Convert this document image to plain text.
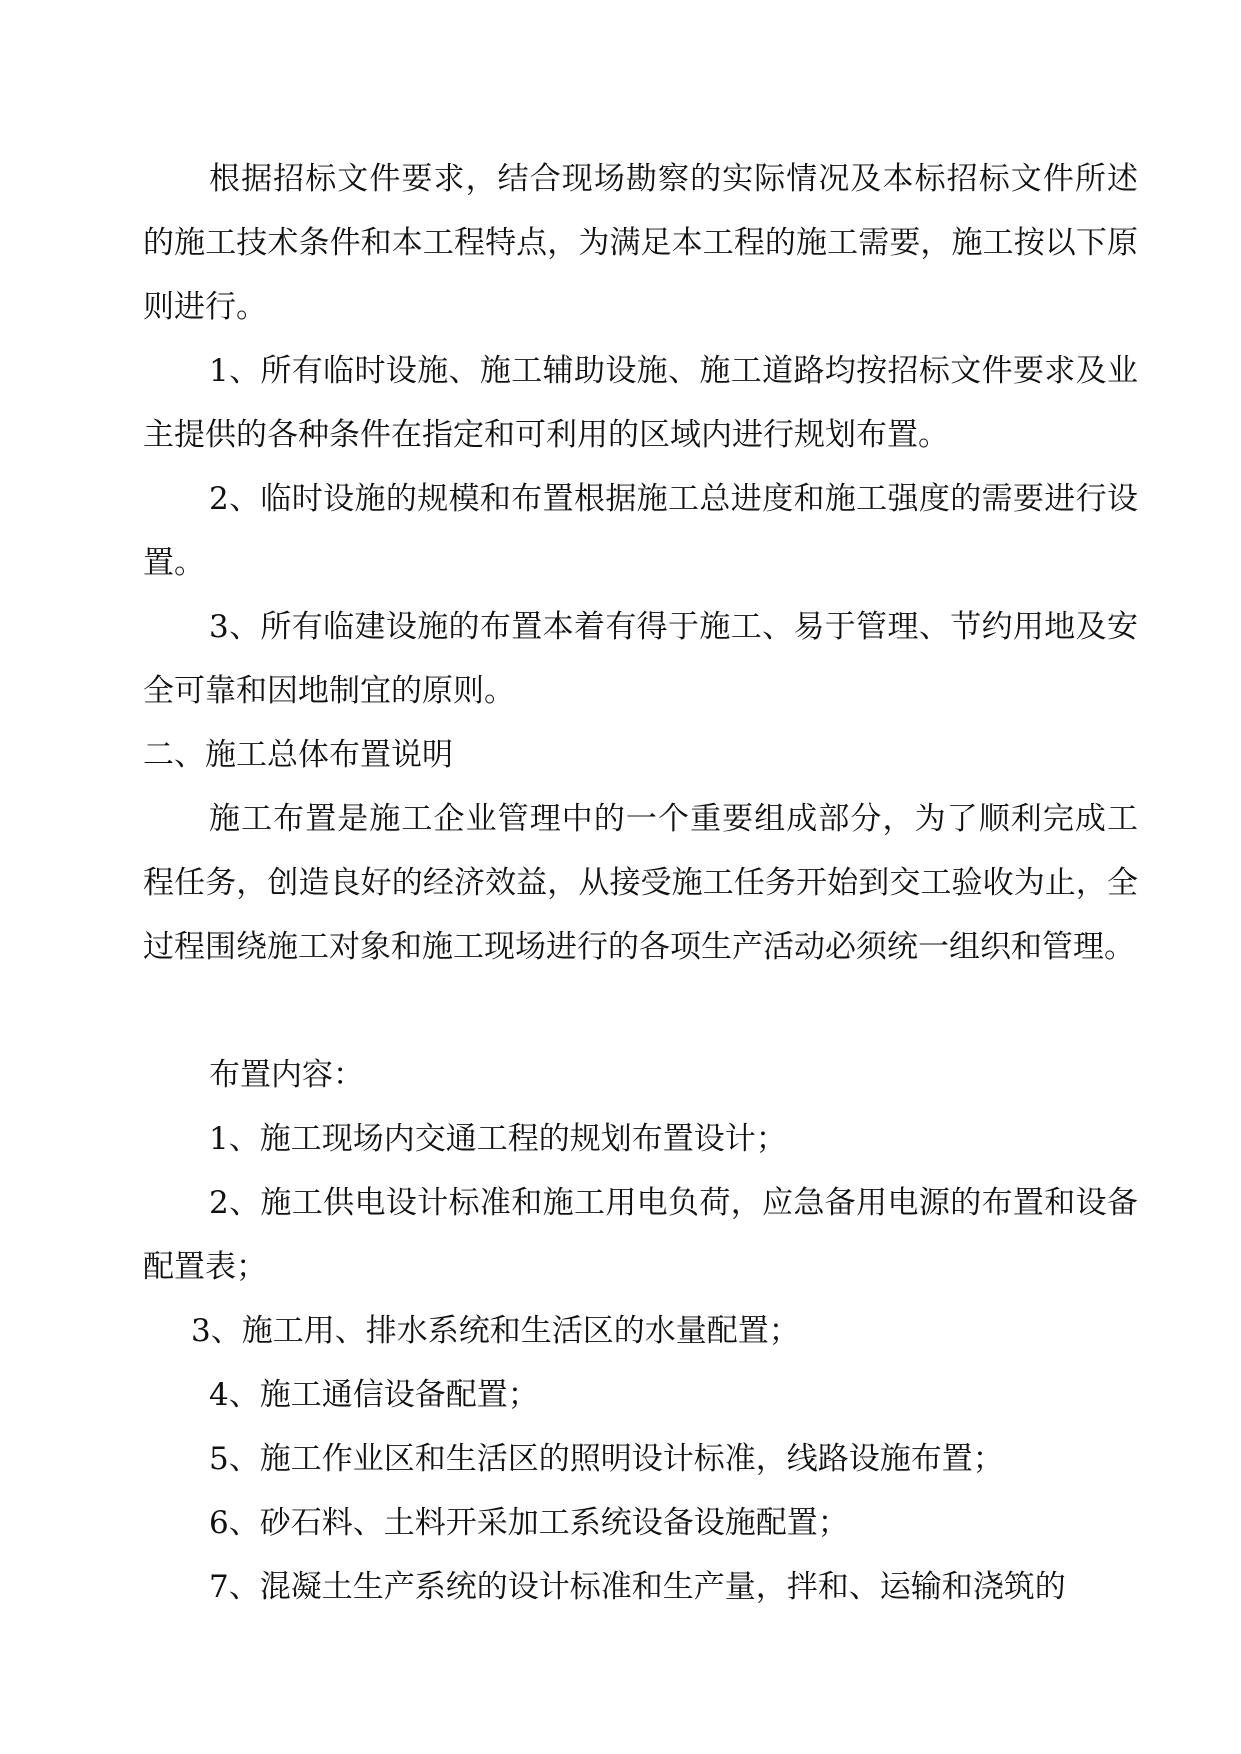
根据招标文件要求，结合现场勘察的实际情况及本标招标文件所述的施工技术条件和本工程特点，为满足本工程的施工需要，施工按以下原则进行。

1、所有临时设施、施工辅助设施、施工道路均按招标文件要求及业主提供的各种条件在指定和可利用的区域内进行规划布置。

2、临时设施的规模和布置根据施工总进度和施工强度的需要进行设置。

3、所有临建设施的布置本着有得于施工、易于管理、节约用地及安全可靠和因地制宜的原则。

二、施工总体布置说明

施工布置是施工企业管理中的一个重要组成部分，为了顺利完成工程任务，创造良好的经济效益，从接受施工任务开始到交工验收为止，全过程围绕施工对象和施工现场进行的各项生产活动必须统一组织和管理。

布置内容：

1、施工现场内交通工程的规划布置设计；

2、施工供电设计标准和施工用电负荷，应急备用电源的布置和设备配置表；

3、施工用、排水系统和生活区的水量配置；

4、施工通信设备配置；

5、施工作业区和生活区的照明设计标准，线路设施布置；

6、砂石料、土料开采加工系统设备设施配置；

7、混凝土生产系统的设计标准和生产量，拌和、运输和浇筑的
